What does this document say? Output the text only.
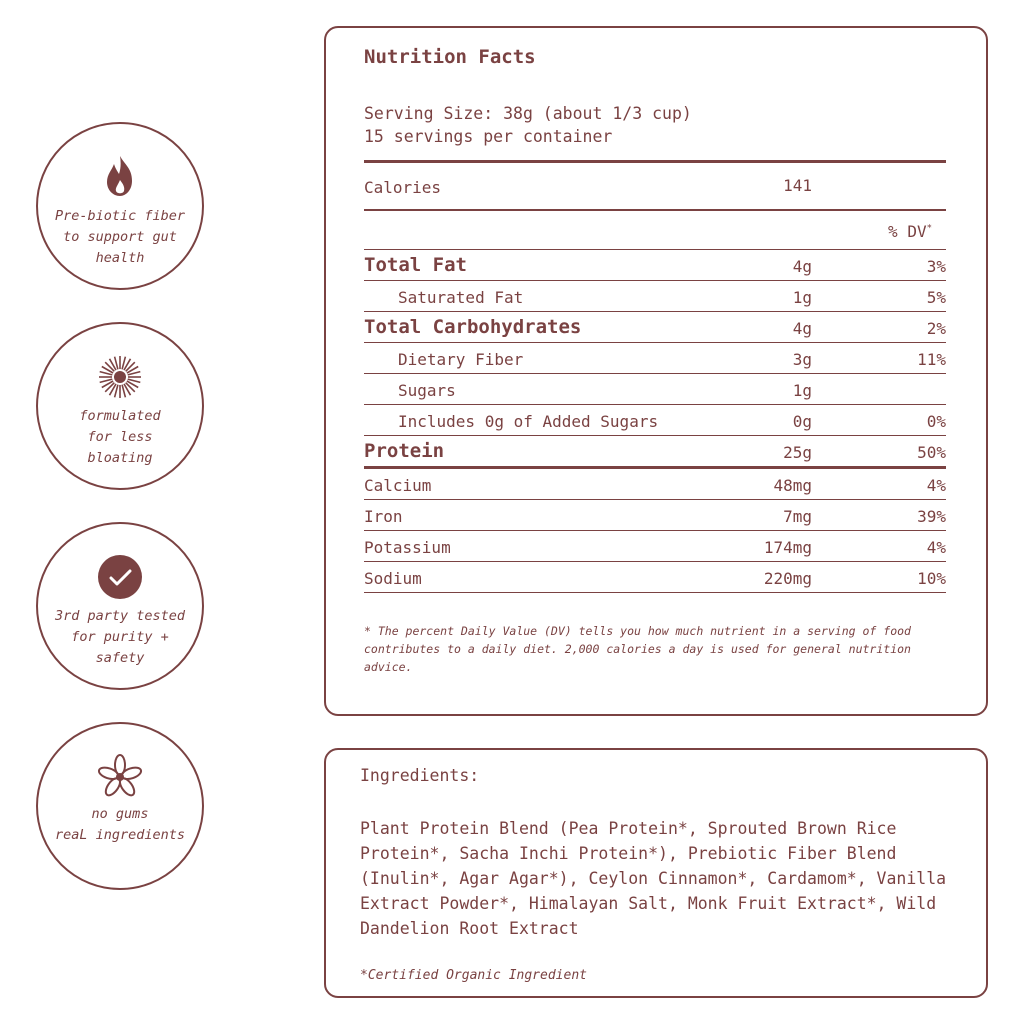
Pre-biotic fiber
to support gut
health
formulated
for less
bloating
3rd party tested
for purity +
safety
no gums
reaL ingredients
Nutrition Facts
Serving Size: 38g (about 1/3 cup)
15 servings per container
Calories	141
% DV*
Total Fat	4g	3%
Saturated Fat	1g	5%
Total Carbohydrates	4g	2%
Dietary Fiber	3g	11%
Sugars	1g
Includes 0g of Added Sugars	0g	0%
Protein	25g	50%
Calcium	48mg	4%
Iron	7mg	39%
Potassium	174mg	4%
Sodium	220mg	10%
* The percent Daily Value (DV) tells you how much nutrient in a serving of food contributes to a daily diet. 2,000 calories a day is used for general nutrition advice.
Ingredients:
Plant Protein Blend (Pea Protein*, Sprouted Brown Rice Protein*, Sacha Inchi Protein*), Prebiotic Fiber Blend (Inulin*, Agar Agar*), Ceylon Cinnamon*, Cardamom*, Vanilla Extract Powder*, Himalayan Salt, Monk Fruit Extract*, Wild Dandelion Root Extract
*Certified Organic Ingredient
